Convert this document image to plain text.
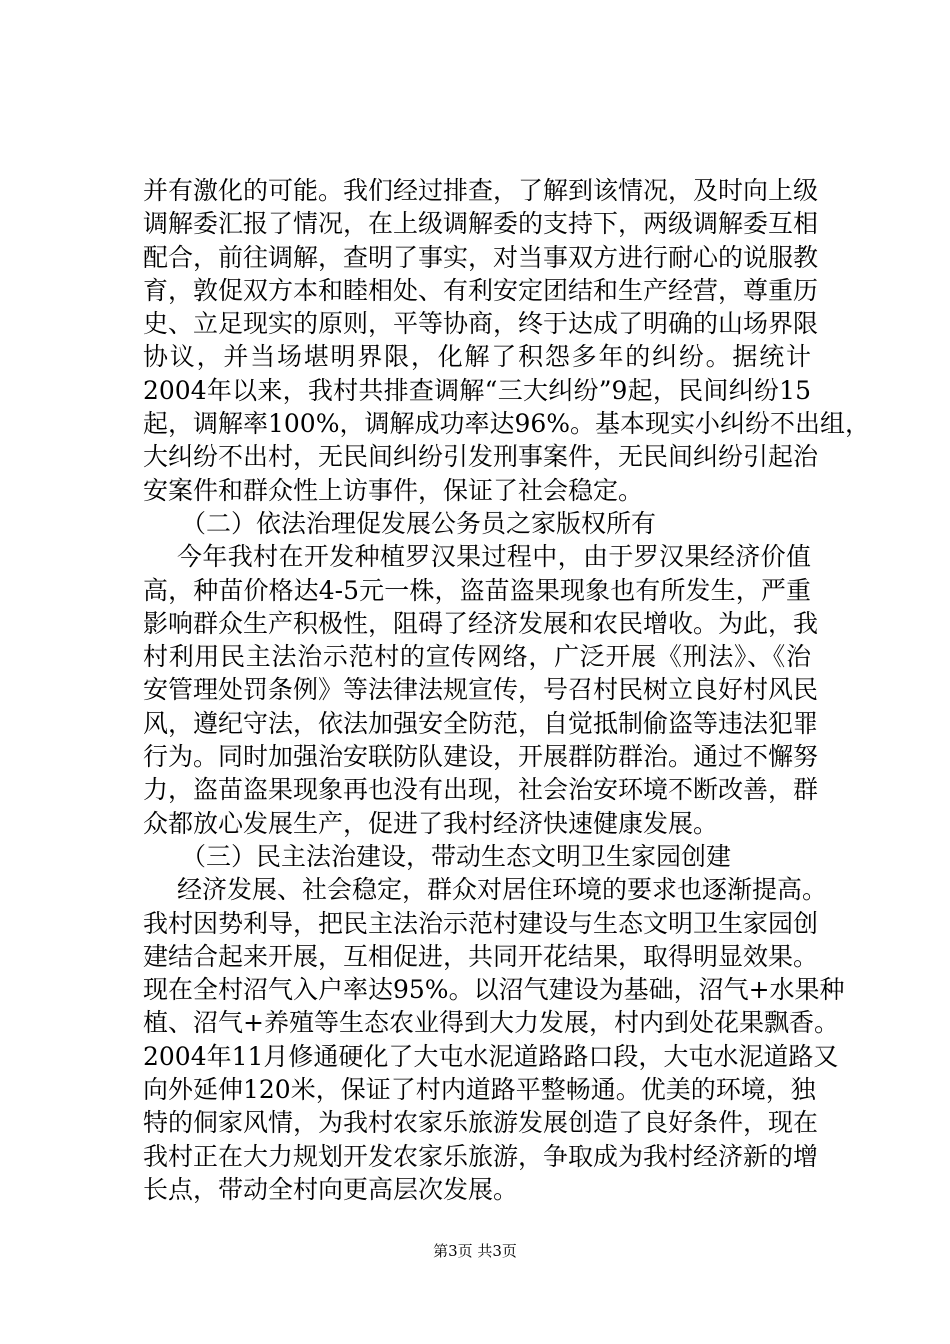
并有激化的可能。我们经过排查，了解到该情况，及时向上级
调解委汇报了情况，在上级调解委的支持下，两级调解委互相
配合，前往调解，查明了事实，对当事双方进行耐心的说服教
育，敦促双方本和睦相处、有利安定团结和生产经营，尊重历
史、立足现实的原则，平等协商，终于达成了明确的山场界限
协议，并当场堪明界限，化解了积怨多年的纠纷。据统计
2004年以来，我村共排查调解“三大纠纷”9起，民间纠纷15
起，调解率100%，调解成功率达96%。基本现实小纠纷不出组，
大纠纷不出村，无民间纠纷引发刑事案件，无民间纠纷引起治
安案件和群众性上访事件，保证了社会稳定。
（二）依法治理促发展公务员之家版权所有
今年我村在开发种植罗汉果过程中，由于罗汉果经济价值
高，种苗价格达4-5元一株，盗苗盗果现象也有所发生，严重
影响群众生产积极性，阻碍了经济发展和农民增收。为此，我
村利用民主法治示范村的宣传网络，广泛开展《刑法》、《治
安管理处罚条例》等法律法规宣传，号召村民树立良好村风民
风，遵纪守法，依法加强安全防范，自觉抵制偷盗等违法犯罪
行为。同时加强治安联防队建设，开展群防群治。通过不懈努
力，盗苗盗果现象再也没有出现，社会治安环境不断改善，群
众都放心发展生产，促进了我村经济快速健康发展。
（三）民主法治建设，带动生态文明卫生家园创建
经济发展、社会稳定，群众对居住环境的要求也逐渐提高。
我村因势利导，把民主法治示范村建设与生态文明卫生家园创
建结合起来开展，互相促进，共同开花结果，取得明显效果。
现在全村沼气入户率达95%。以沼气建设为基础，沼气+水果种
植、沼气+养殖等生态农业得到大力发展，村内到处花果飘香。
2004年11月修通硬化了大屯水泥道路路口段，大屯水泥道路又
向外延伸120米，保证了村内道路平整畅通。优美的环境，独
特的侗家风情，为我村农家乐旅游发展创造了良好条件，现在
我村正在大力规划开发农家乐旅游，争取成为我村经济新的增
长点，带动全村向更高层次发展。
第3页 共3页
